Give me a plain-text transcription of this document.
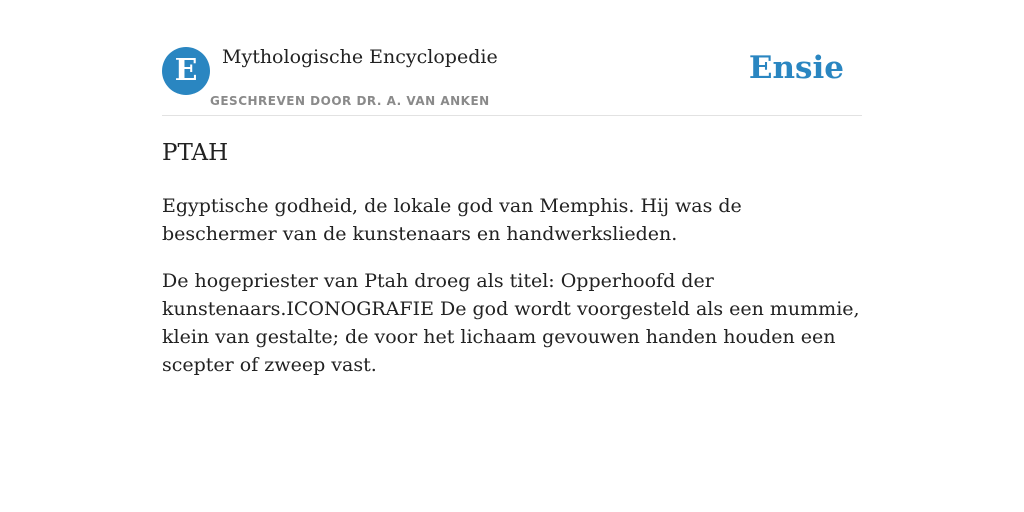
E	Mythologische Encyclopedie
GESCHREVEN DOOR DR. A. VAN ANKEN
Ensie
PTAH

Egyptische godheid, de lokale god van Memphis. Hij was de beschermer van de kunstenaars en handwerkslieden.

De hogepriester van Ptah droeg als titel: Opperhoofd der kunstenaars.ICONOGRAFIE De god wordt voorgesteld als een mummie, klein van gestalte; de voor het lichaam gevouwen handen houden een scepter of zweep vast.
